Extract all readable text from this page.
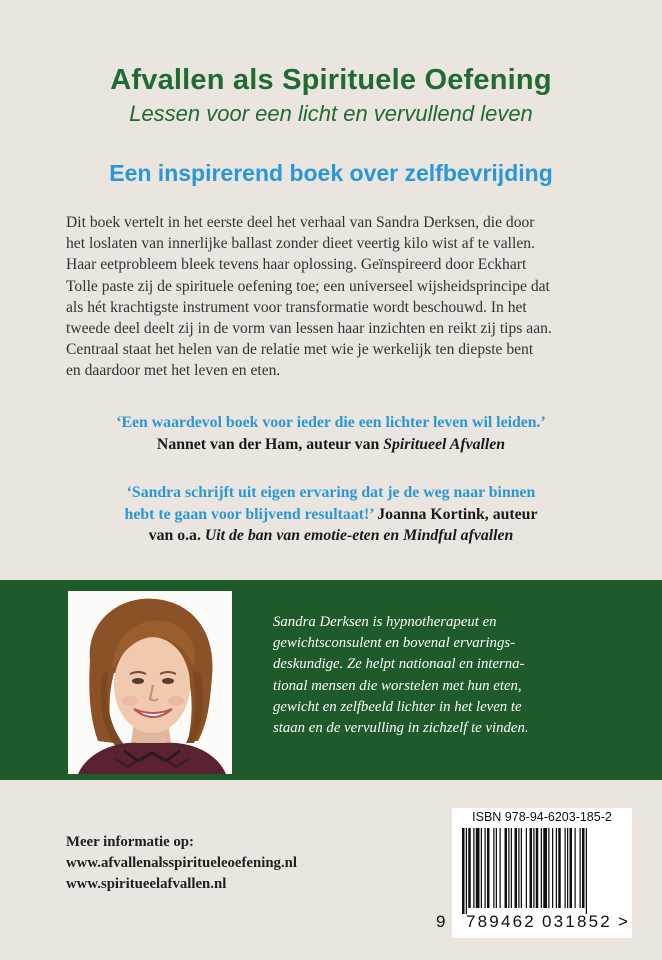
Afvallen als Spirituele Oefening
Lessen voor een licht en vervullend leven
Een inspirerend boek over zelfbevrijding
Dit boek vertelt in het eerste deel het verhaal van Sandra Derksen, die door
het loslaten van innerlijke ballast zonder dieet veertig kilo wist af te vallen.
Haar eetprobleem bleek tevens haar oplossing. Geïnspireerd door Eckhart
Tolle paste zij de spirituele oefening toe; een universeel wijsheidsprincipe dat
als hét krachtigste instrument voor transformatie wordt beschouwd. In het
tweede deel deelt zij in de vorm van lessen haar inzichten en reikt zij tips aan.
Centraal staat het helen van de relatie met wie je werkelijk ten diepste bent
en daardoor met het leven en eten.
‘Een waardevol boek voor ieder die een lichter leven wil leiden.’
Nannet van der Ham, auteur van Spiritueel Afvallen
‘Sandra schrijft uit eigen ervaring dat je de weg naar binnen
hebt te gaan voor blijvend resultaat!’ Joanna Kortink, auteur
van o.a. Uit de ban van emotie-eten en Mindful afvallen
Sandra Derksen is hypnotherapeut en
gewichtsconsulent en bovenal ervarings-
deskundige. Ze helpt nationaal en interna-
tional mensen die worstelen met hun eten,
gewicht en zelfbeeld lichter in het leven te
staan en de vervulling in zichzelf te vinden.
Meer informatie op:
www.afvallenalsspiritueleoefening.nl
www.spiritueelafvallen.nl
ISBN 978-94-6203-185-2
9 789462 031852 >
